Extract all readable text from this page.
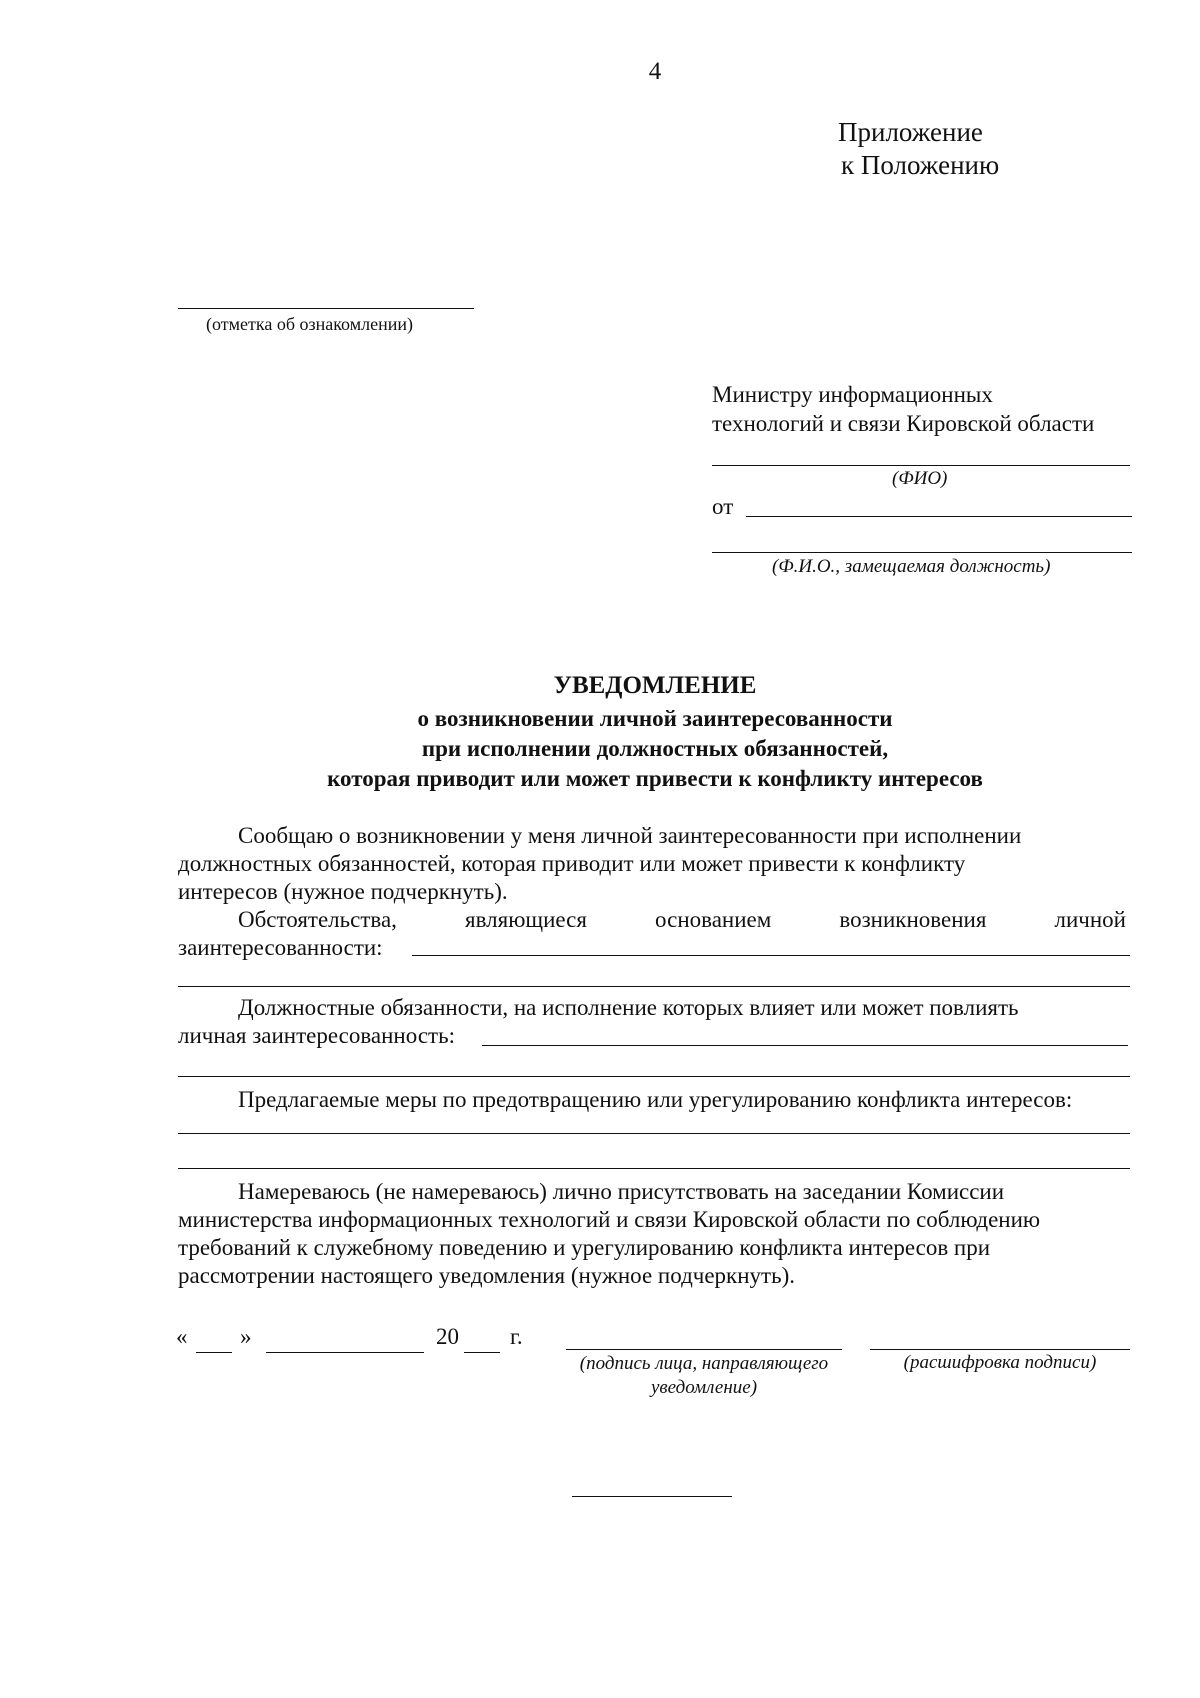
4
Приложение
к Положению
(отметка об ознакомлении)
Министру информационных
технологий и связи Кировской области
(ФИО)
от
(Ф.И.О., замещаемая должность)
УВЕДОМЛЕНИЕ
о возникновении личной заинтересованности
при исполнении должностных обязанностей,
которая приводит или может привести к конфликту интересов
Сообщаю о возникновении у меня личной заинтересованности при исполнении
должностных обязанностей, которая приводит или может привести к конфликту
интересов (нужное подчеркнуть).
Обстоятельства,	являющиеся	основанием	возникновения	личной
заинтересованности:
Должностные обязанности, на исполнение которых влияет или может повлиять
личная заинтересованность:
Предлагаемые меры по предотвращению или урегулированию конфликта интересов:
Намереваюсь (не намереваюсь) лично присутствовать на заседании Комиссии
министерства информационных технологий и связи Кировской области по соблюдению
требований к служебному поведению и урегулированию конфликта интересов при
рассмотрении настоящего уведомления (нужное подчеркнуть).
« »	20 г.
(подпись лица, направляющего
уведомление)
(расшифровка подписи)
